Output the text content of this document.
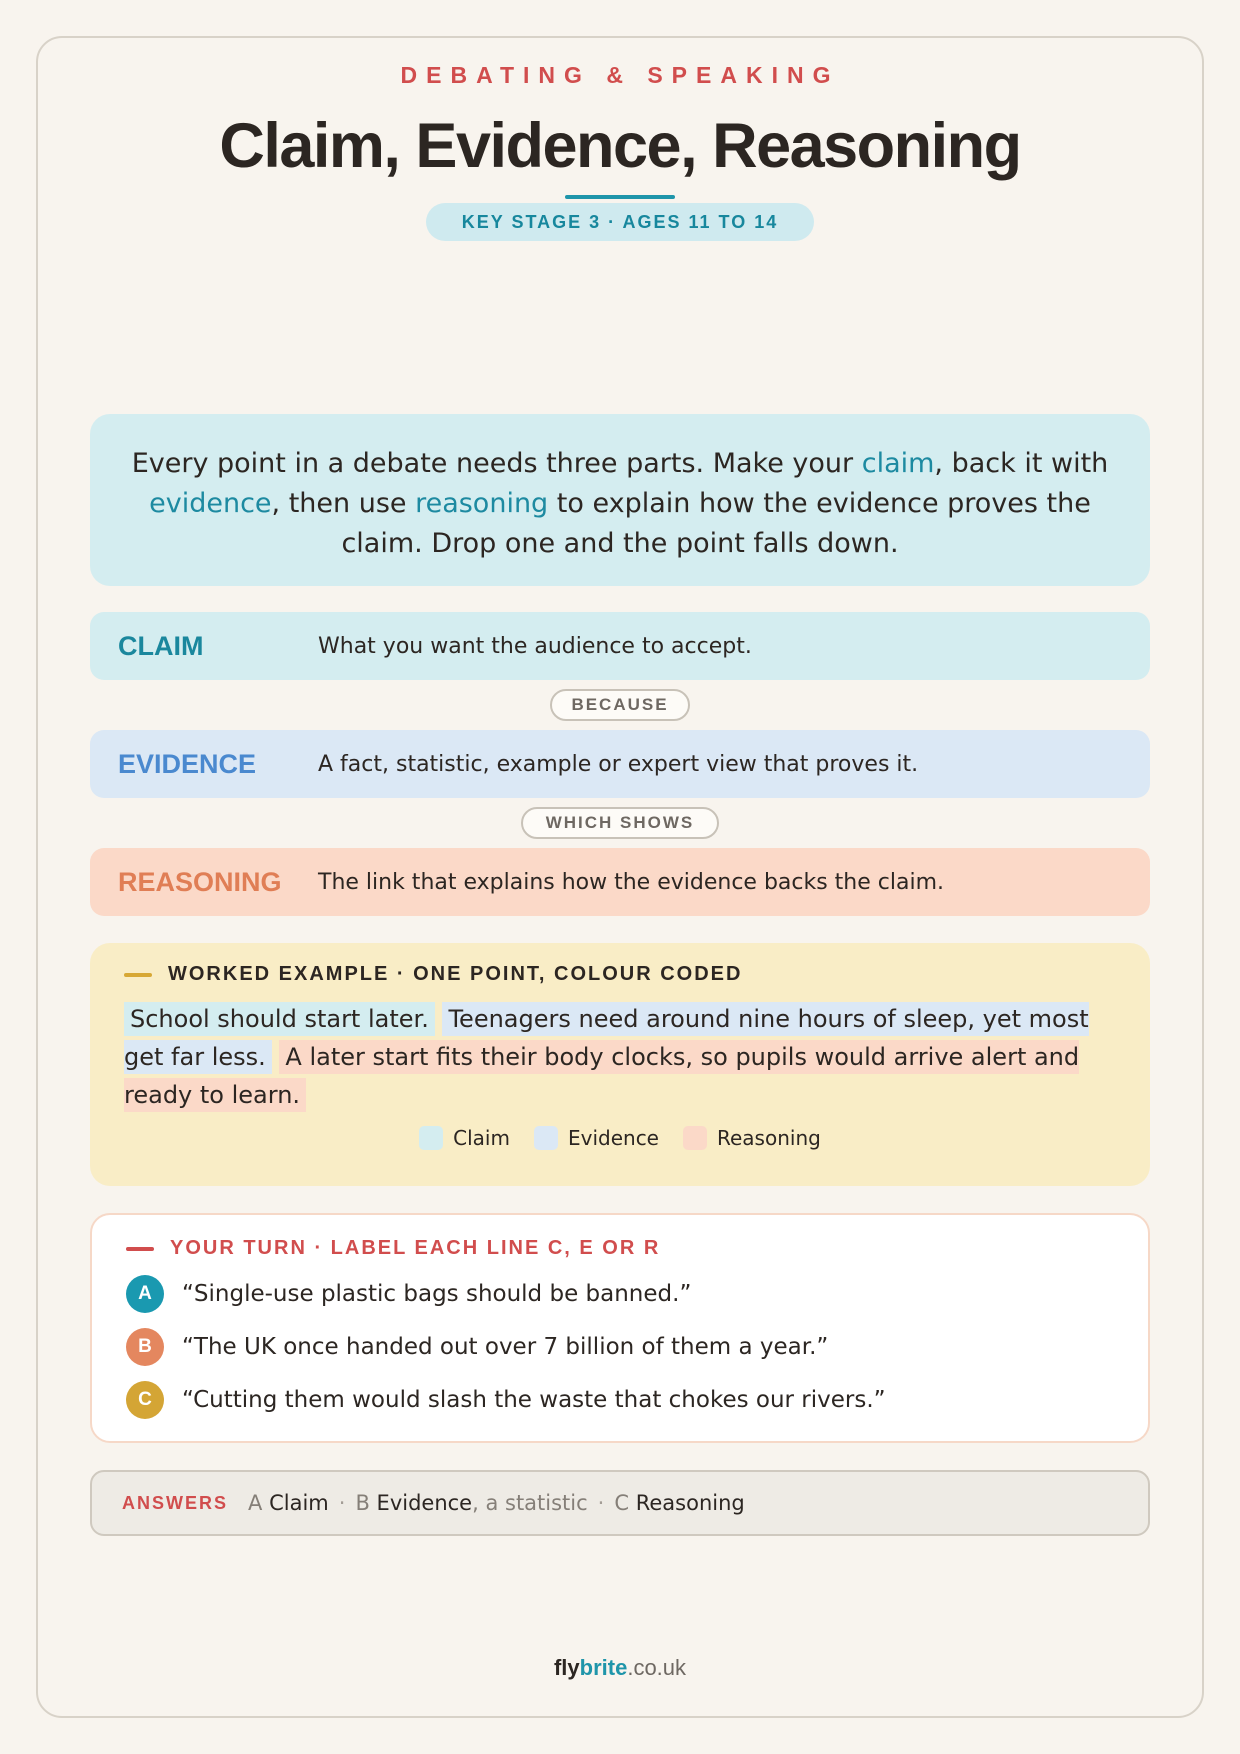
DEBATING & SPEAKING
Claim, Evidence, Reasoning
KEY STAGE 3 · AGES 11 TO 14
Every point in a debate needs three parts. Make your claim, back it with evidence, then use reasoning to explain how the evidence proves the claim. Drop one and the point falls down.
CLAIM	What you want the audience to accept.
BECAUSE
EVIDENCE	A fact, statistic, example or expert view that proves it.
WHICH SHOWS
REASONING	The link that explains how the evidence backs the claim.
WORKED EXAMPLE · ONE POINT, COLOUR CODED
School should start later. Teenagers need around nine hours of sleep, yet most get far less. A later start fits their body clocks, so pupils would arrive alert and ready to learn.
Claim	Evidence	Reasoning
YOUR TURN · LABEL EACH LINE C, E OR R
A	“Single-use plastic bags should be banned.”
B	“The UK once handed out over 7 billion of them a year.”
C	“Cutting them would slash the waste that chokes our rivers.”
ANSWERS A
Claim · B
Evidence , a statistic · C
Reasoning
flybrite.co.uk
